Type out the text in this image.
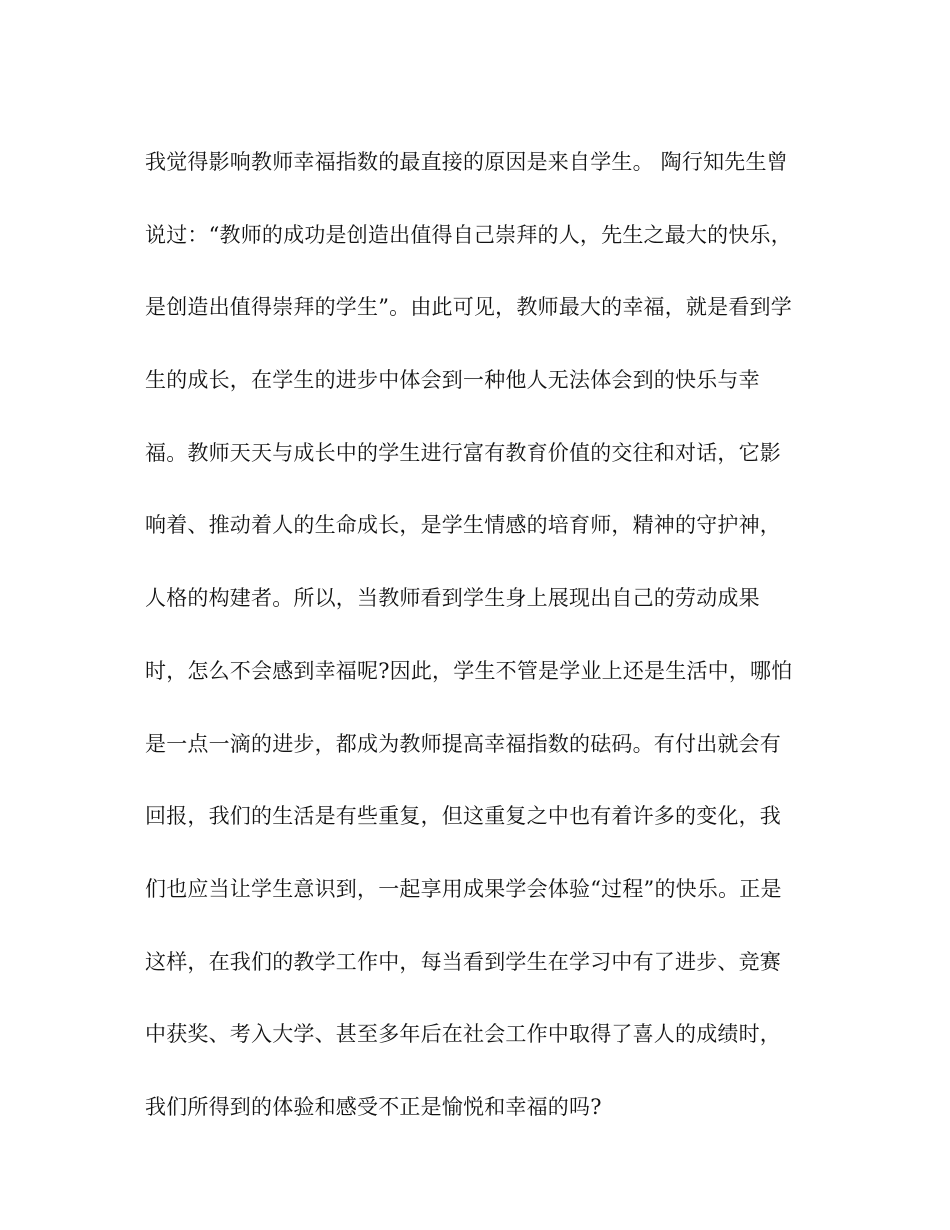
我觉得影响教师幸福指数的最直接的原因是来自学生。 陶行知先生曾
说过：“教师的成功是创造出值得自己崇拜的人，先生之最大的快乐，
是创造出值得崇拜的学生”。由此可见，教师最大的幸福，就是看到学
生的成长，在学生的进步中体会到一种他人无法体会到的快乐与幸
福。教师天天与成长中的学生进行富有教育价值的交往和对话，它影
响着、推动着人的生命成长，是学生情感的培育师，精神的守护神，
人格的构建者。所以，当教师看到学生身上展现出自己的劳动成果
时，怎么不会感到幸福呢?因此，学生不管是学业上还是生活中，哪怕
是一点一滴的进步，都成为教师提高幸福指数的砝码。有付出就会有
回报，我们的生活是有些重复，但这重复之中也有着许多的变化，我
们也应当让学生意识到，一起享用成果学会体验“过程”的快乐。正是
这样，在我们的教学工作中，每当看到学生在学习中有了进步、竞赛
中获奖、考入大学、甚至多年后在社会工作中取得了喜人的成绩时，
我们所得到的体验和感受不正是愉悦和幸福的吗?
